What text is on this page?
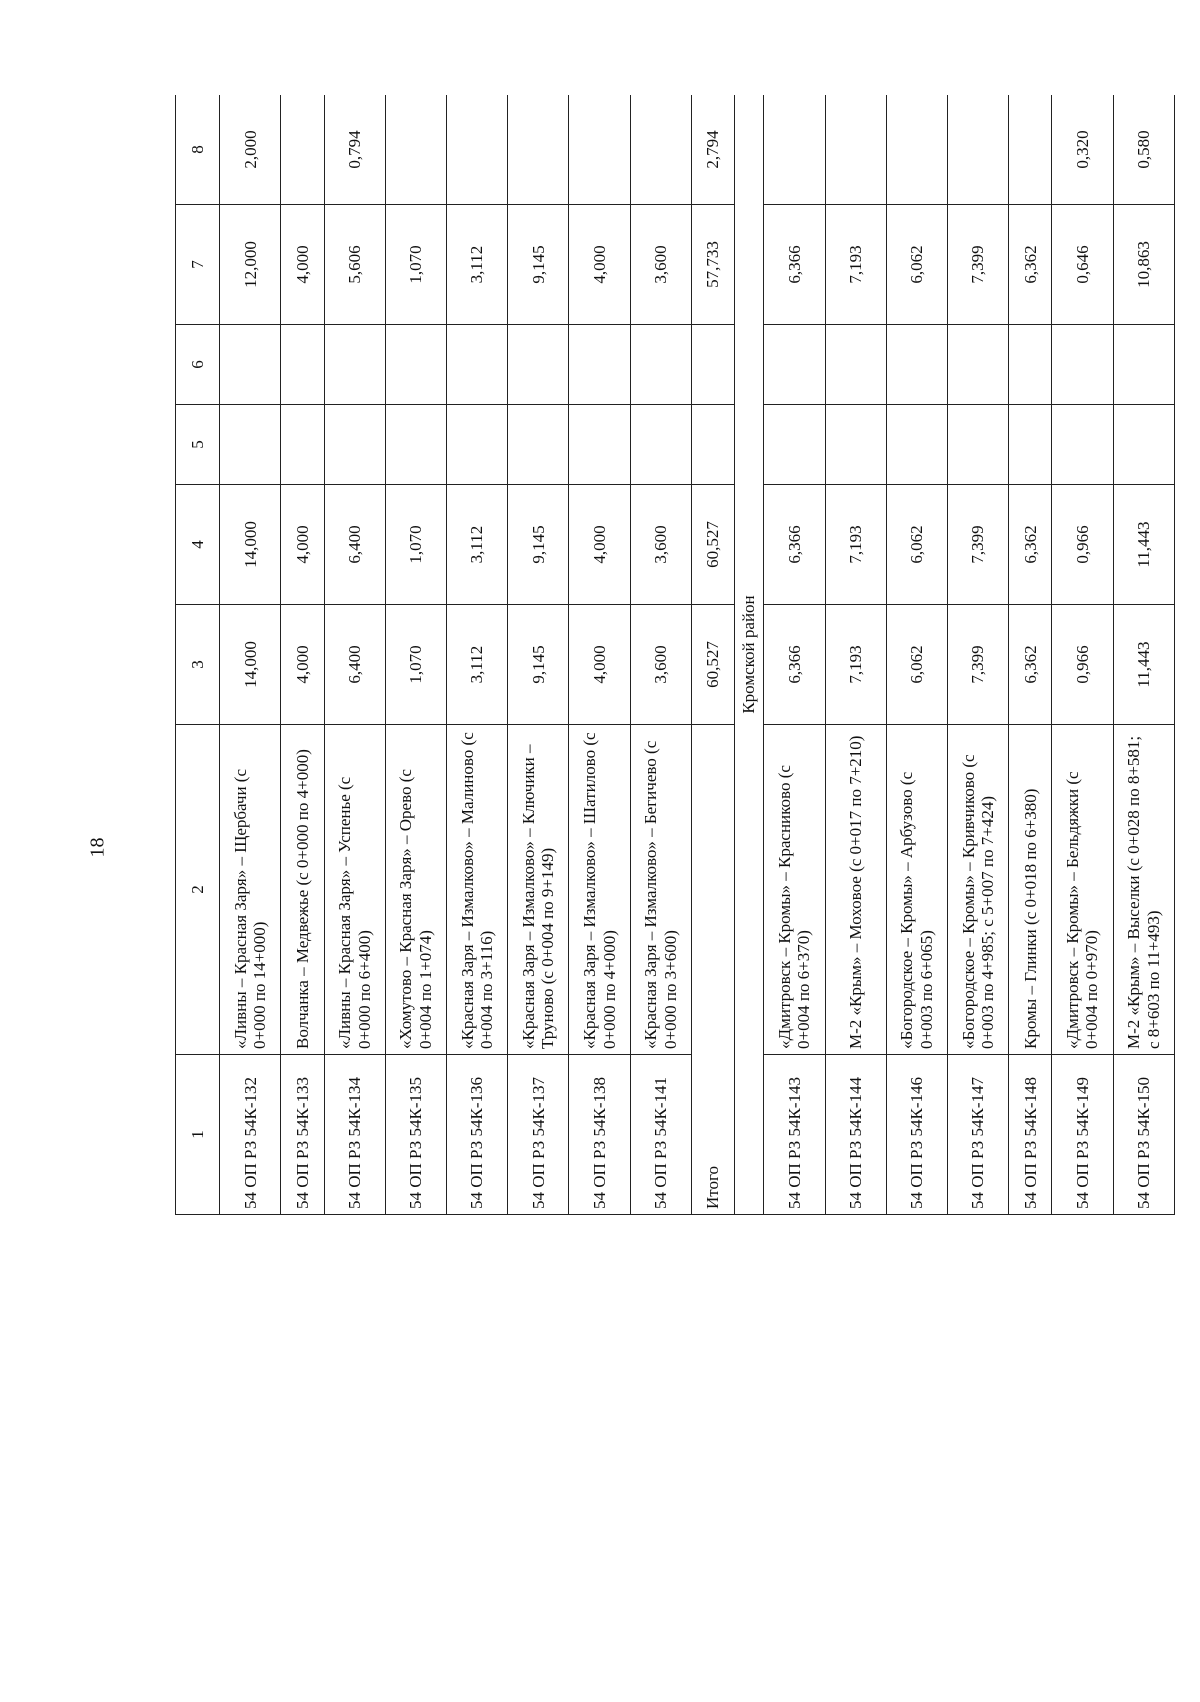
18
1	2	3	4	5	6	7	8
54 ОП РЗ 54К-132	«Ливны – Красная Заря» – Щербачи (с 0+000 по 14+000)	14,000	14,000			12,000	2,000
54 ОП РЗ 54К-133	Волчанка – Медвежье (с 0+000 по 4+000)	4,000	4,000			4,000	
54 ОП РЗ 54К-134	«Ливны – Красная Заря» – Успенье (с 0+000 по 6+400)	6,400	6,400			5,606	0,794
54 ОП РЗ 54К-135	«Хомутово – Красная Заря» – Орево (с 0+004 по 1+074)	1,070	1,070			1,070	
54 ОП РЗ 54К-136	«Красная Заря – Измалково» – Малиново (с 0+004 по 3+116)	3,112	3,112			3,112	
54 ОП РЗ 54К-137	«Красная Заря – Измалково» – Ключики – Труново (с 0+004 по 9+149)	9,145	9,145			9,145	
54 ОП РЗ 54К-138	«Красная Заря – Измалково» – Шатилово (с 0+000 по 4+000)	4,000	4,000			4,000	
54 ОП РЗ 54К-141	«Красная Заря – Измалково» – Бегичево (с 0+000 по 3+600)	3,600	3,600			3,600	
Итого		60,527	60,527			57,733	2,794
Кромской район							
54 ОП РЗ 54К-143	«Дмитровск – Кромы» – Красниково (с 0+004 по 6+370)	6,366	6,366			6,366	
54 ОП РЗ 54К-144	М-2 «Крым» – Моховое (с 0+017 по 7+210)	7,193	7,193			7,193	
54 ОП РЗ 54К-146	«Богородское – Кромы» – Арбузово (с 0+003 по 6+065)	6,062	6,062			6,062	
54 ОП РЗ 54К-147	«Богородское – Кромы» – Кривчиково (с 0+003 по 4+985; с 5+007 по 7+424)	7,399	7,399			7,399	
54 ОП РЗ 54К-148	Кромы – Глинки (с 0+018 по 6+380)	6,362	6,362			6,362	
54 ОП РЗ 54К-149	«Дмитровск – Кромы» – Бельдяжки (с 0+004 по 0+970)	0,966	0,966			0,646	0,320
54 ОП РЗ 54К-150	М-2 «Крым» – Выселки (с 0+028 по 8+581; с 8+603 по 11+493)	11,443	11,443			10,863	0,580
